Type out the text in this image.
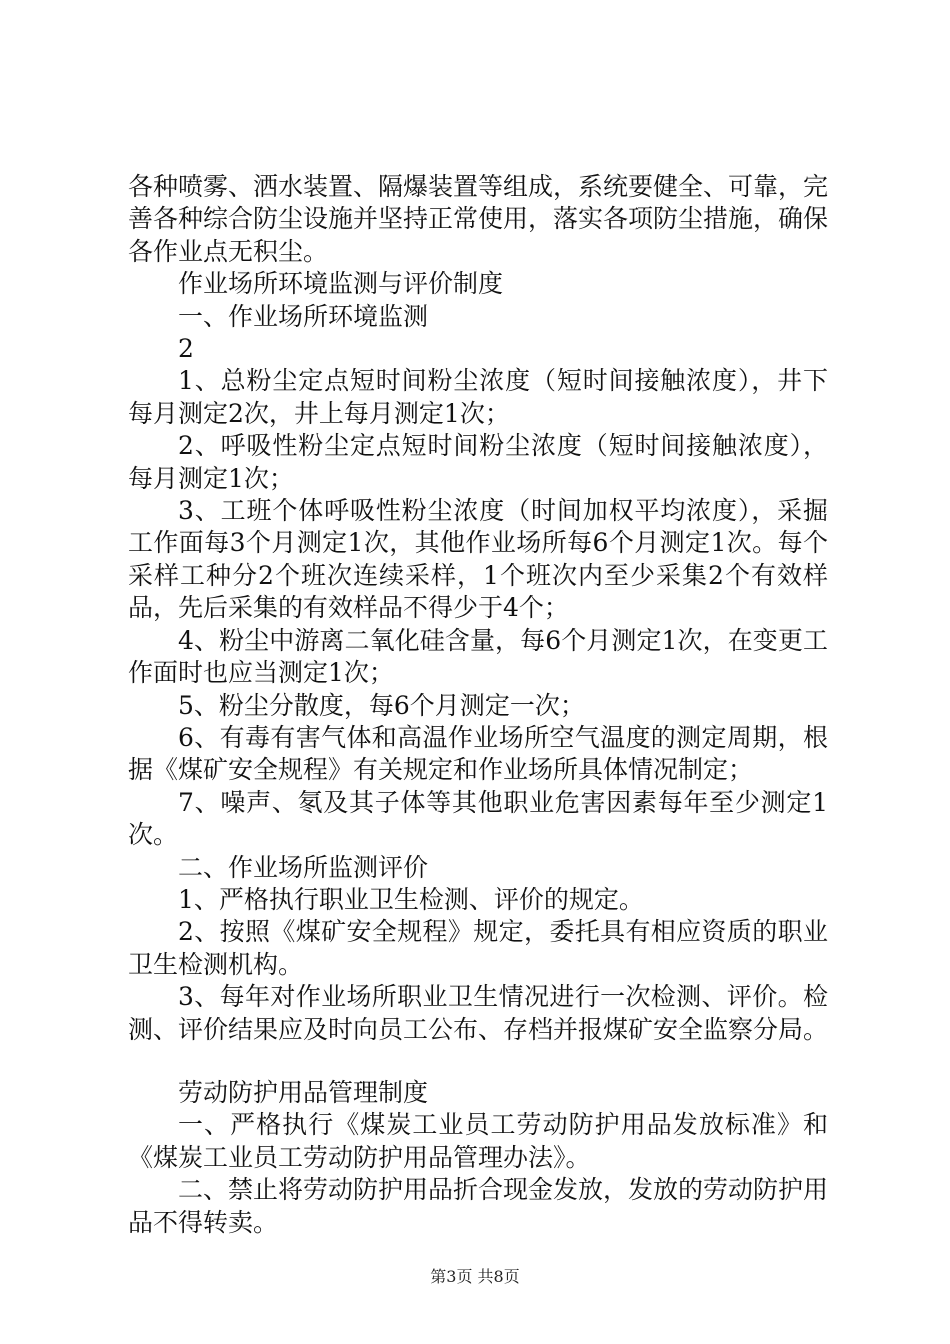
各种喷雾、洒水装置、隔爆装置等组成，系统要健全、可靠，完善各种综合防尘设施并坚持正常使用，落实各项防尘措施，确保各作业点无积尘。

作业场所环境监测与评价制度

一、作业场所环境监测

2

1、总粉尘定点短时间粉尘浓度（短时间接触浓度），井下每月测定2次，井上每月测定1次；

2、呼吸性粉尘定点短时间粉尘浓度（短时间接触浓度），每月测定1次；

3、工班个体呼吸性粉尘浓度（时间加权平均浓度），采掘工作面每3个月测定1次，其他作业场所每6个月测定1次。每个采样工种分2个班次连续采样，1个班次内至少采集2个有效样品，先后采集的有效样品不得少于4个；

4、粉尘中游离二氧化硅含量，每6个月测定1次，在变更工作面时也应当测定1次；

5、粉尘分散度，每6个月测定一次；

6、有毒有害气体和高温作业场所空气温度的测定周期，根据《煤矿安全规程》有关规定和作业场所具体情况制定；

7、噪声、氡及其子体等其他职业危害因素每年至少测定1次。

二、作业场所监测评价

1、严格执行职业卫生检测、评价的规定。

2、按照《煤矿安全规程》规定，委托具有相应资质的职业卫生检测机构。

3、每年对作业场所职业卫生情况进行一次检测、评价。检测、评价结果应及时向员工公布、存档并报煤矿安全监察分局。

劳动防护用品管理制度

一、严格执行《煤炭工业员工劳动防护用品发放标准》和《煤炭工业员工劳动防护用品管理办法》。

二、禁止将劳动防护用品折合现金发放，发放的劳动防护用品不得转卖。

第3页 共8页
